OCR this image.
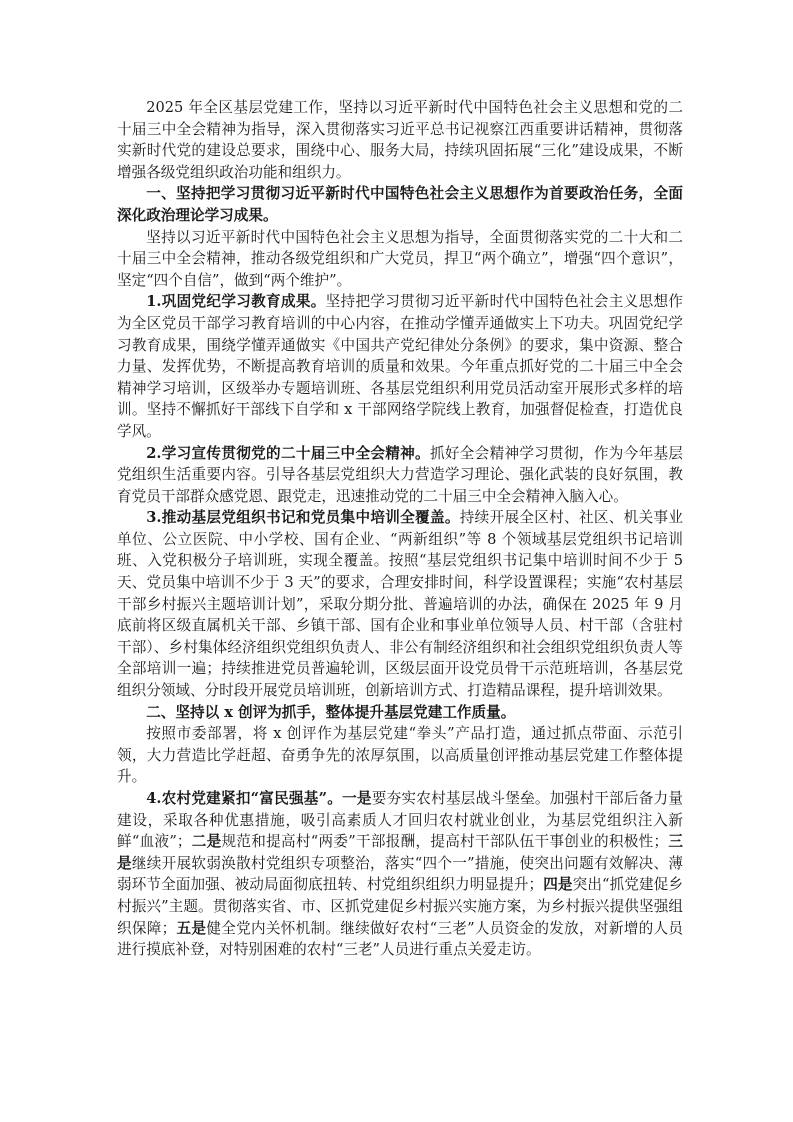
2025 年全区基层党建工作，坚持以习近平新时代中国特色社会主义思想和党的二十届三中全会精神为指导，深入贯彻落实习近平总书记视察江西重要讲话精神，贯彻落实新时代党的建设总要求，围绕中心、服务大局，持续巩固拓展“三化”建设成果，不断增强各级党组织政治功能和组织力。

一、坚持把学习贯彻习近平新时代中国特色社会主义思想作为首要政治任务，全面深化政治理论学习成果。

坚持以习近平新时代中国特色社会主义思想为指导，全面贯彻落实党的二十大和二十届三中全会精神，推动各级党组织和广大党员，捍卫“两个确立”，增强“四个意识”，坚定“四个自信”，做到“两个维护”。

1.巩固党纪学习教育成果。坚持把学习贯彻习近平新时代中国特色社会主义思想作为全区党员干部学习教育培训的中心内容，在推动学懂弄通做实上下功夫。巩固党纪学习教育成果，围绕学懂弄通做实《中国共产党纪律处分条例》的要求，集中资源、整合力量、发挥优势，不断提高教育培训的质量和效果。今年重点抓好党的二十届三中全会精神学习培训，区级举办专题培训班、各基层党组织利用党员活动室开展形式多样的培训。坚持不懈抓好干部线下自学和 x 干部网络学院线上教育，加强督促检查，打造优良学风。

2.学习宣传贯彻党的二十届三中全会精神。抓好全会精神学习贯彻，作为今年基层党组织生活重要内容。引导各基层党组织大力营造学习理论、强化武装的良好氛围，教育党员干部群众感党恩、跟党走，迅速推动党的二十届三中全会精神入脑入心。

3.推动基层党组织书记和党员集中培训全覆盖。持续开展全区村、社区、机关事业单位、公立医院、中小学校、国有企业、“两新组织”等 8 个领域基层党组织书记培训班、入党积极分子培训班，实现全覆盖。按照“基层党组织书记集中培训时间不少于 5 天、党员集中培训不少于 3 天”的要求，合理安排时间，科学设置课程；实施“农村基层干部乡村振兴主题培训计划”，采取分期分批、普遍培训的办法，确保在 2025 年 9 月底前将区级直属机关干部、乡镇干部、国有企业和事业单位领导人员、村干部（含驻村干部）、乡村集体经济组织党组织负责人、非公有制经济组织和社会组织党组织负责人等全部培训一遍；持续推进党员普遍轮训，区级层面开设党员骨干示范班培训，各基层党组织分领域、分时段开展党员培训班，创新培训方式、打造精品课程，提升培训效果。

二、坚持以 x 创评为抓手，整体提升基层党建工作质量。

按照市委部署，将 x 创评作为基层党建“拳头”产品打造，通过抓点带面、示范引领，大力营造比学赶超、奋勇争先的浓厚氛围，以高质量创评推动基层党建工作整体提升。

4.农村党建紧扣“富民强基”。一是要夯实农村基层战斗堡垒。加强村干部后备力量建设，采取各种优惠措施，吸引高素质人才回归农村就业创业，为基层党组织注入新鲜“血液”；二是规范和提高村“两委”干部报酬，提高村干部队伍干事创业的积极性；三是继续开展软弱涣散村党组织专项整治，落实“四个一”措施，使突出问题有效解决、薄弱环节全面加强、被动局面彻底扭转、村党组织组织力明显提升；四是突出“抓党建促乡村振兴”主题。贯彻落实省、市、区抓党建促乡村振兴实施方案，为乡村振兴提供坚强组织保障；五是健全党内关怀机制。继续做好农村“三老”人员资金的发放，对新增的人员进行摸底补登，对特别困难的农村“三老”人员进行重点关爱走访。
